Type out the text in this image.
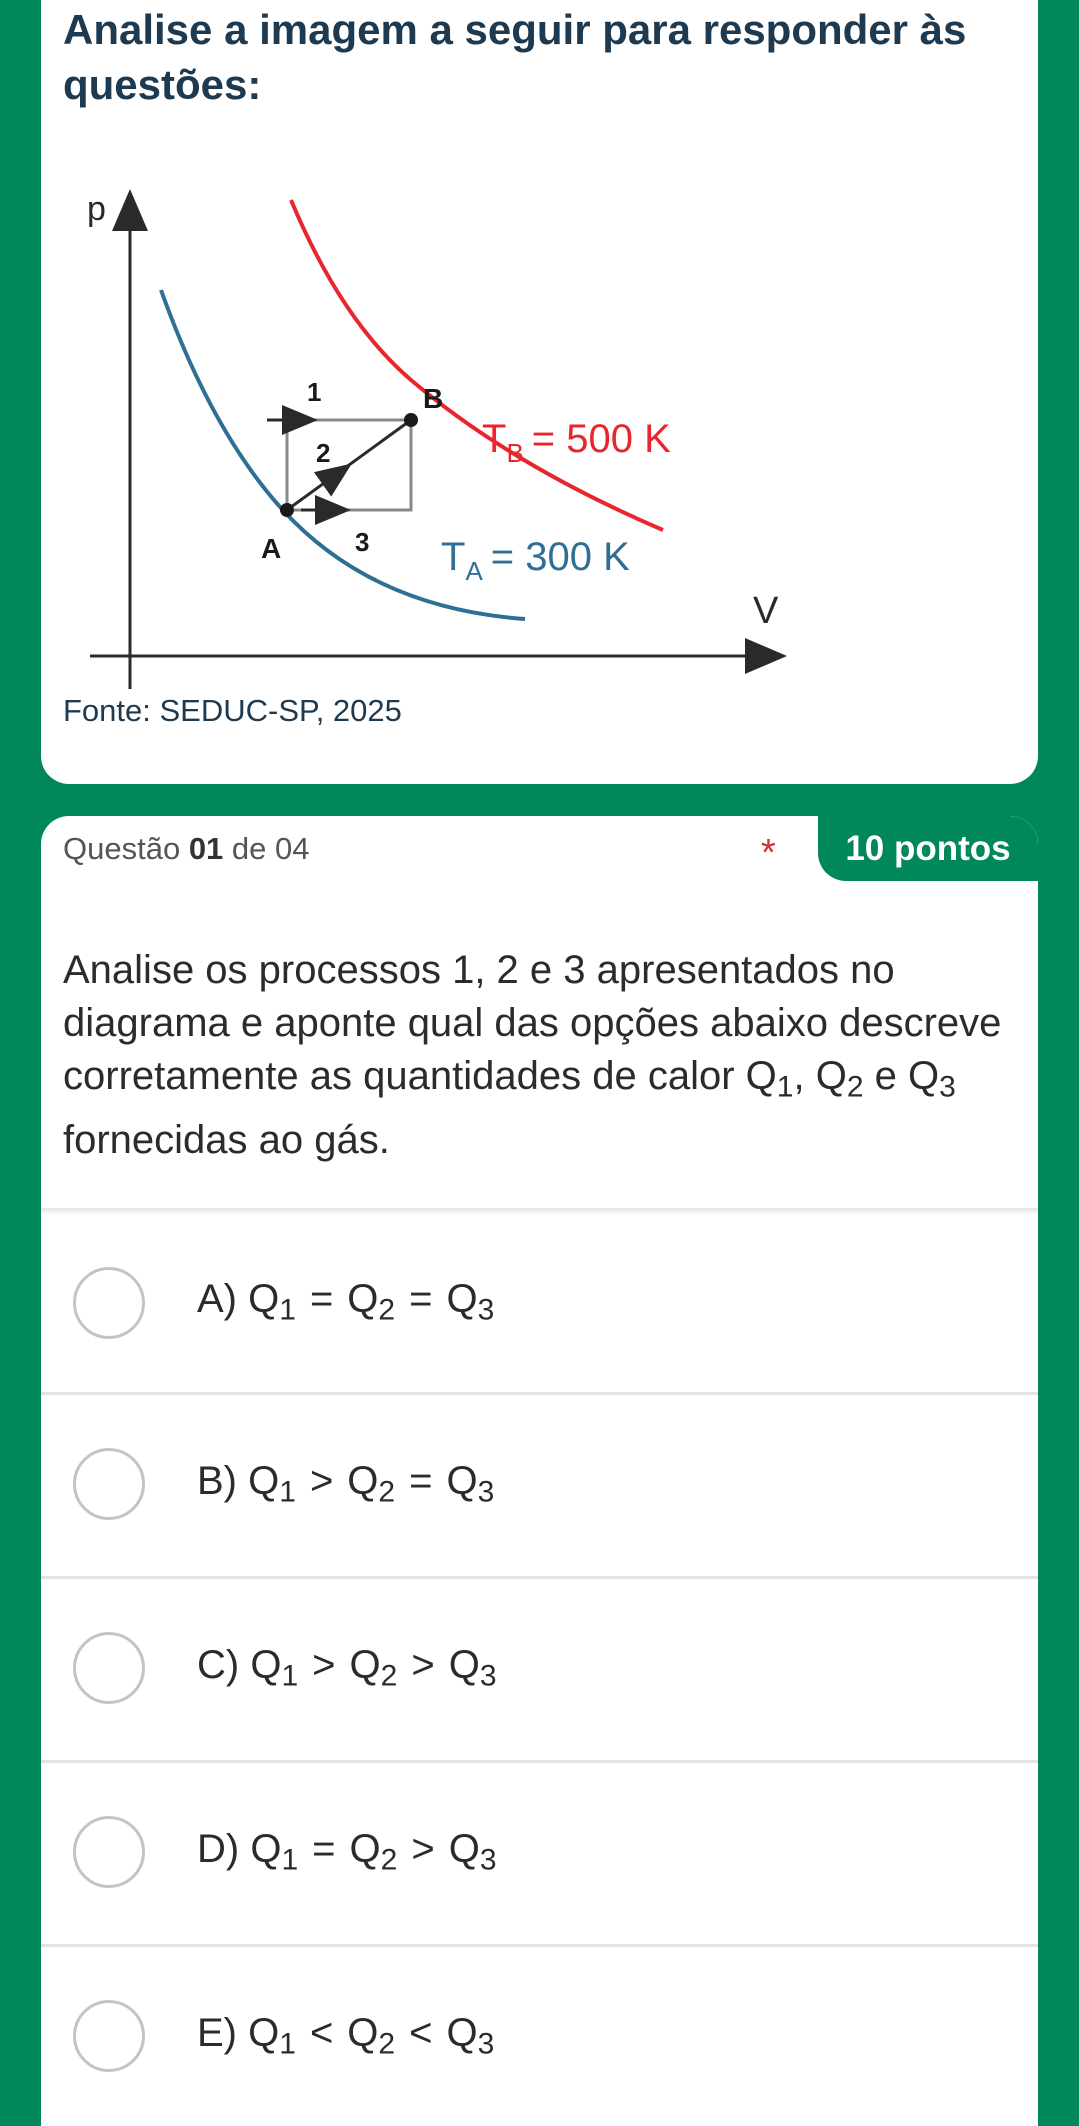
Analise a imagem a seguir para responder às questões:
p
V
1
2
3
A
B
$T_B = 500$ K
$T_A = 300$ K
Fonte: SEDUC-SP, 2025
Questão 01 de 04	*	10 pontos
Analise os processos 1, 2 e 3 apresentados no diagrama e aponte qual das opções abaixo descreve corretamente as quantidades de calor $Q_1$, $Q_2$ e $Q_3$ fornecidas ao gás.
A) $Q_1 = Q_2 = Q_3$
B) $Q_1 > Q_2 = Q_3$
C) $Q_1 > Q_2 > Q_3$
D) $Q_1 = Q_2 > Q_3$
E) $Q_1 < Q_2 < Q_3$
